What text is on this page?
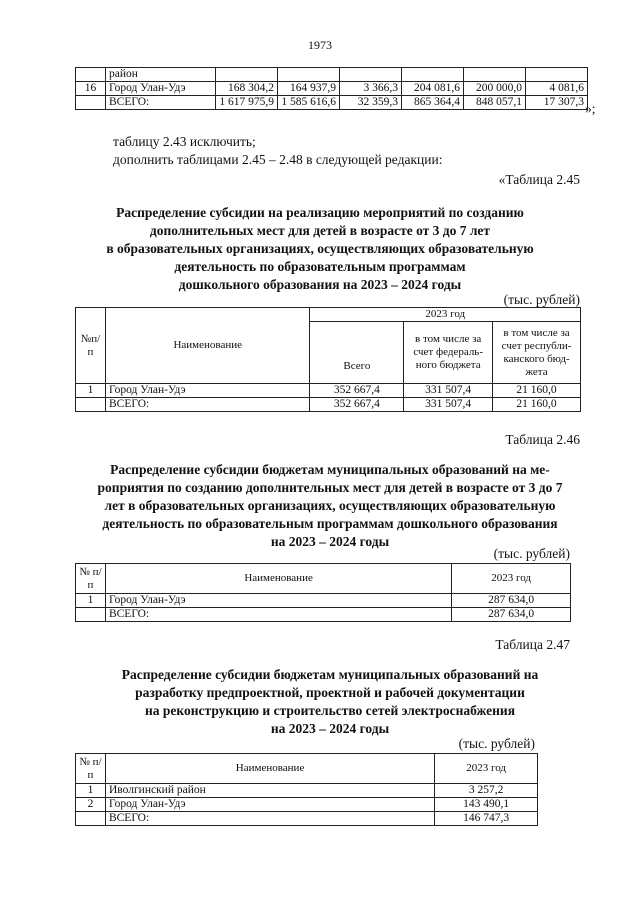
1973
	район						
16	Город Улан-Удэ	168 304,2	164 937,9	3 366,3	204 081,6	200 000,0	4 081,6
	ВСЕГО:	1 617 975,9	1 585 616,6	32 359,3	865 364,4	848 057,1	17 307,3 »;
таблицу 2.43 исключить;
дополнить таблицами 2.45 – 2.48 в следующей редакции:
«Таблица 2.45
Распределение субсидии на реализацию мероприятий по созданию
дополнительных мест для детей в возрасте от 3 до 7 лет
в образовательных организациях, осуществляющих образовательную
деятельность по образовательным программам
дошкольного образования на 2023 – 2024 годы
(тыс. рублей)
№п/п	Наименование	2023 год		
		Всего	в том числе за счет федераль-ного бюджета	в том числе за счет республи-канского бюд-жета
1	Город Улан-Удэ	352 667,4	331 507,4	21 160,0
	ВСЕГО:	352 667,4	331 507,4	21 160,0
Таблица 2.46
Распределение субсидии бюджетам муниципальных образований на ме-
роприятия по созданию дополнительных мест для детей в возрасте от 3 до 7
лет в образовательных организациях, осуществляющих образовательную
деятельность по образовательным программам дошкольного образования
на 2023 – 2024 годы
(тыс. рублей)
№ п/п	Наименование	2023 год
1	Город Улан-Удэ	287 634,0
	ВСЕГО:	287 634,0
Таблица 2.47
Распределение субсидии бюджетам муниципальных образований на
разработку предпроектной, проектной и рабочей документации
на реконструкцию и строительство сетей электроснабжения
на 2023 – 2024 годы
(тыс. рублей)
№ п/п	Наименование	2023 год
1	Иволгинский район	3 257,2
2	Город Улан-Удэ	143 490,1
	ВСЕГО:	146 747,3
